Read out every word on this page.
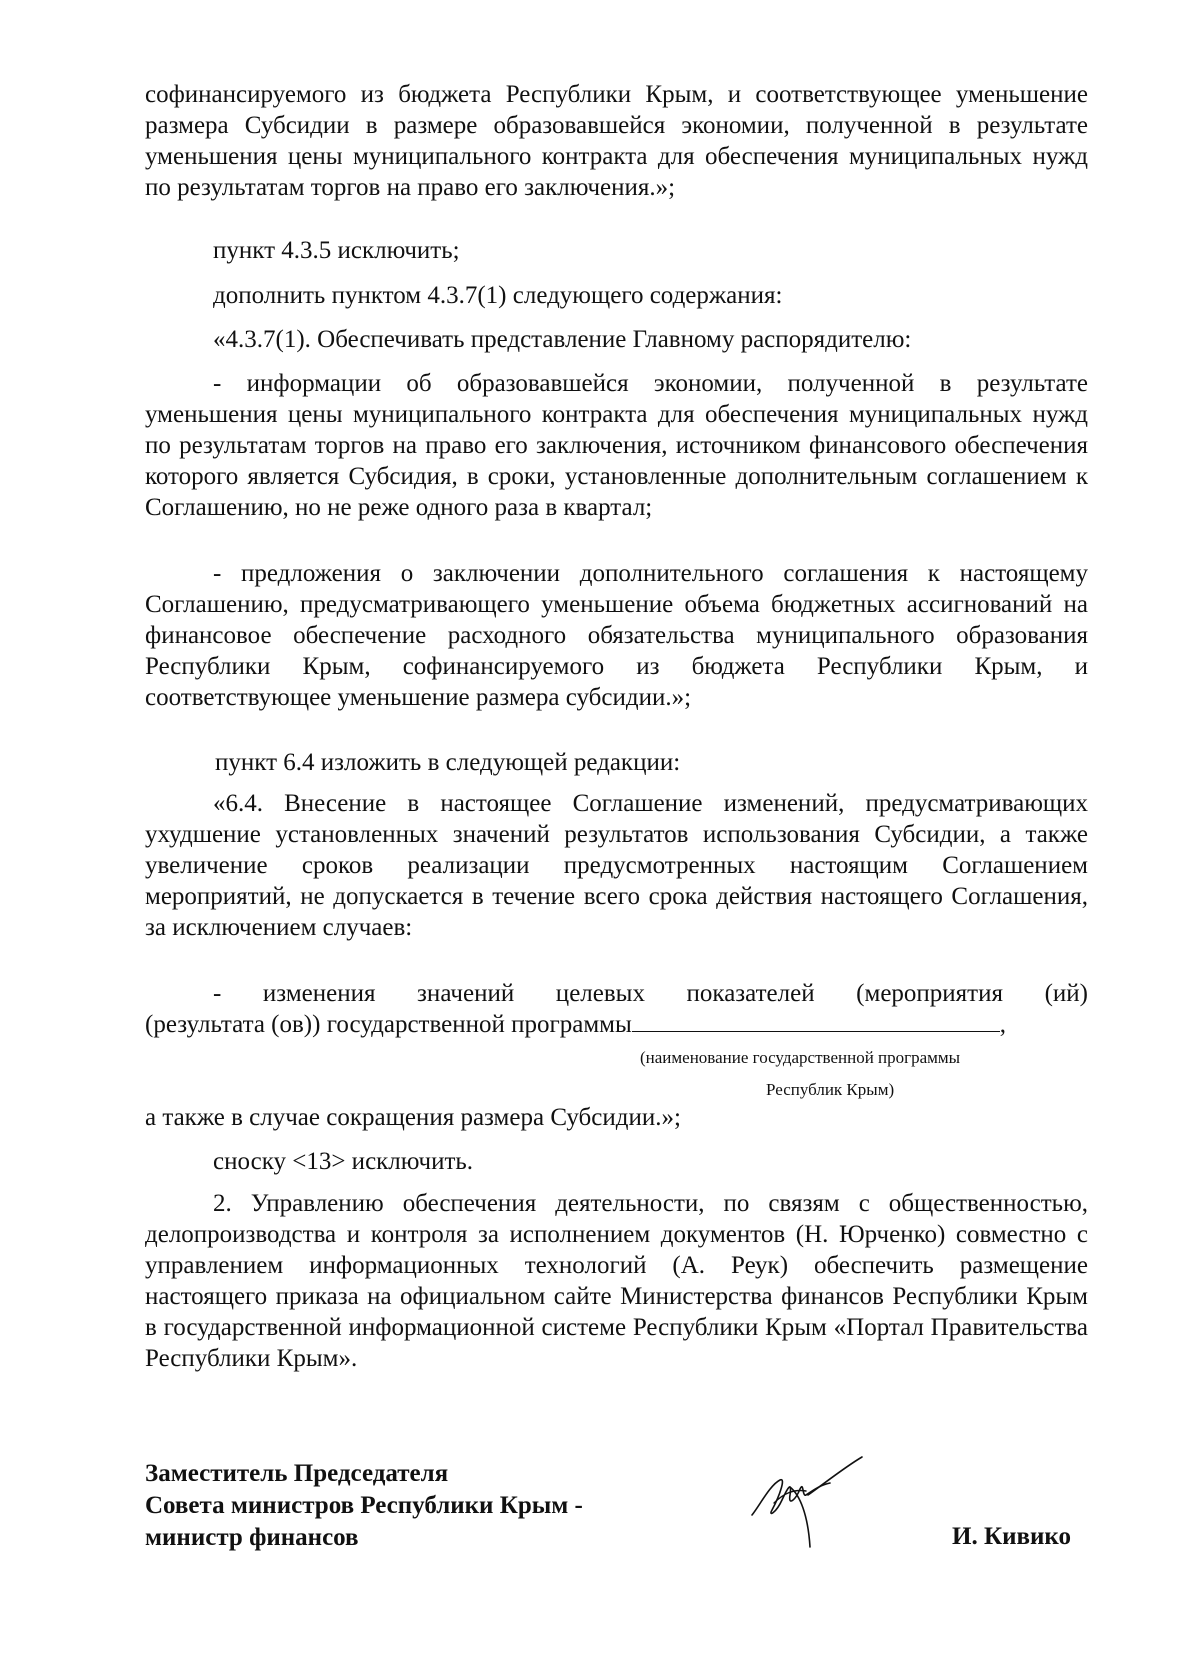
софинансируемого из бюджета Республики Крым, и соответствующее уменьшение размера Субсидии в размере образовавшейся экономии, полученной в результате уменьшения цены муниципального контракта для обеспечения муниципальных нужд по результатам торгов на право его заключения.»;

пункт 4.3.5 исключить;

дополнить пунктом 4.3.7(1) следующего содержания:

«4.3.7(1). Обеспечивать представление Главному распорядителю:

- информации об образовавшейся экономии, полученной в результате уменьшения цены муниципального контракта для обеспечения муниципальных нужд по результатам торгов на право его заключения, источником финансового обеспечения которого является Субсидия, в сроки, установленные дополнительным соглашением к Соглашению, но не реже одного раза в квартал;

- предложения о заключении дополнительного соглашения к настоящему Соглашению, предусматривающего уменьшение объема бюджетных ассигнований на финансовое обеспечение расходного обязательства муниципального образования Республики Крым, софинансируемого из бюджета Республики Крым, и соответствующее уменьшение размера субсидии.»;

пункт 6.4 изложить в следующей редакции:

«6.4. Внесение в настоящее Соглашение изменений, предусматривающих ухудшение установленных значений результатов использования Субсидии, а также увеличение сроков реализации предусмотренных настоящим Соглашением мероприятий, не допускается в течение всего срока действия настоящего Соглашения, за исключением случаев:

- изменения значений целевых показателей (мероприятия (ий)
(результата (ов)) государственной программы	,
(наименование государственной программы
Республик Крым)

а также в случае сокращения размера Субсидии.»;

сноску <13> исключить.

2. Управлению обеспечения деятельности, по связям с общественностью, делопроизводства и контроля за исполнением документов (Н. Юрченко) совместно с управлением информационных технологий (А. Реук) обеспечить размещение настоящего приказа на официальном сайте Министерства финансов Республики Крым в государственной информационной системе Республики Крым «Портал Правительства Республики Крым».

Заместитель Председателя
Совета министров Республики Крым -
министр финансов	И. Кивико
